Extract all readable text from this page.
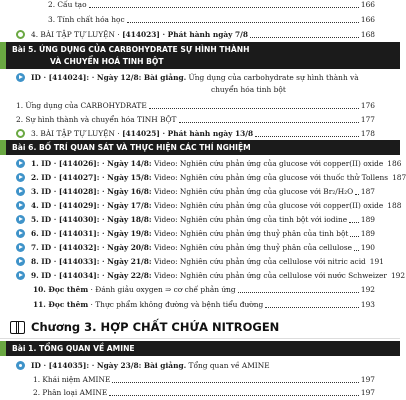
2. Cấu tạo	166
3. Tính chất hóa học	166
4. BÀI TẬP TỰ LUYỆN · [414023] · Phát hành ngày 7/8	168
Bài 5. ỨNG DỤNG CỦA CARBOHYDRATE SỰ HÌNH THÀNH
VÀ CHUYỂN HOÁ TINH BỘT
ID · [414024]: · Ngày 12/8: Bài giảng. Ứng dụng của carbohydrate sự hình thành và
chuyển hóa tinh bột
1. Ứng dụng của CARBOHYDRATE	176
2. Sự hình thành và chuyển hóa TINH BỘT	177
3. BÀI TẬP TỰ LUYỆN · [414025] · Phát hành ngày 13/8	178
Bài 6. BỐ TRÍ QUAN SÁT VÀ THỰC HIỆN CÁC THÍ NGHIỆM
1. ID · [414026]: · Ngày 14/8: Video: Nghiên cứu phản ứng của glucose với copper(II) oxide 186
2. ID · [414027]: · Ngày 15/8: Video: Nghiên cứu phản ứng của glucose với thuốc thử Tollens 187
3. ID · [414028]: · Ngày 16/8: Video: Nghiên cứu phản ứng của glucose với Br₂/H₂O 187
4. ID · [414029]: · Ngày 17/8: Video: Nghiên cứu phản ứng của glucose với copper(II) oxide 188
5. ID · [414030]: · Ngày 18/8: Video: Nghiên cứu phản ứng của tinh bột với iodine 189
6. ID · [414031]: · Ngày 19/8: Video: Nghiên cứu phản ứng thuỷ phân của tinh bột 189
7. ID · [414032]: · Ngày 20/8: Video: Nghiên cứu phản ứng thuỷ phân của cellulose 190
8. ID · [414033]: · Ngày 21/8: Video: Nghiên cứu phản ứng của cellulose với nitric acid 191
9. ID · [414034]: · Ngày 22/8: Video: Nghiên cứu phản ứng của cellulose với nước Schweizer 192
10. Đọc thêm · Đánh giảu oxygen ⇒ cơ chế phản ứng	192
11. Đọc thêm · Thực phẩm không đường và bệnh tiểu đường	193
Chương 3. HỢP CHẤT CHỨA NITROGEN
Bài 1. TỔNG QUAN VỀ AMINE
ID · [414035]: · Ngày 23/8: Bài giảng. Tổng quan về AMINE
1. Khái niệm AMINE	197
2. Phân loại AMINE	197
